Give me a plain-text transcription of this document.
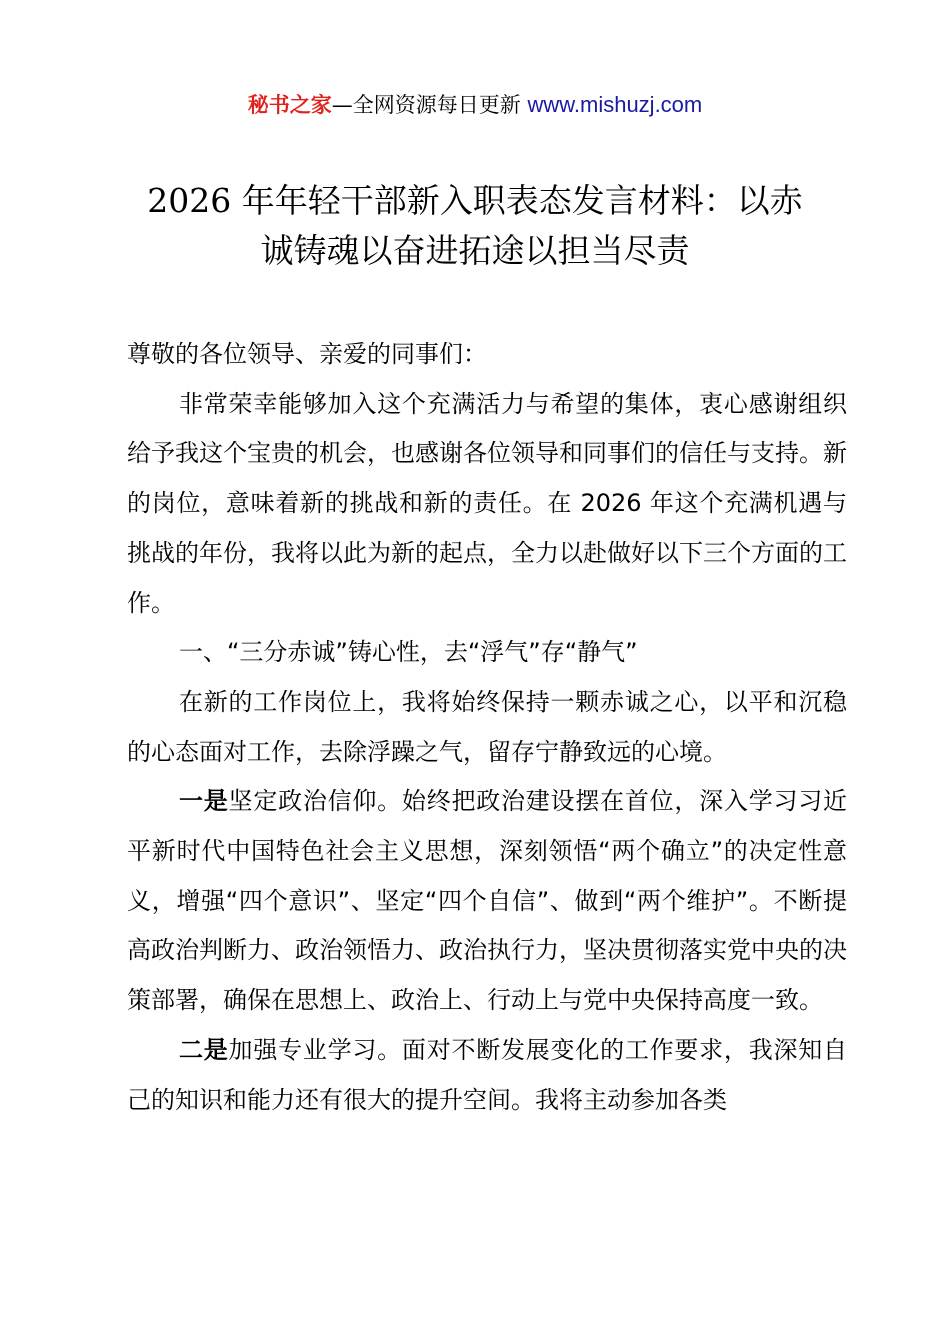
秘书之家—全网资源每日更新 www.mishuzj.com
2026 年年轻干部新入职表态发言材料：以赤
诚铸魂以奋进拓途以担当尽责

尊敬的各位领导、亲爱的同事们：

非常荣幸能够加入这个充满活力与希望的集体，衷心感谢组织给予我这个宝贵的机会，也感谢各位领导和同事们的信任与支持。新的岗位，意味着新的挑战和新的责任。在 2026 年这个充满机遇与挑战的年份，我将以此为新的起点，全力以赴做好以下三个方面的工作。

一、“三分赤诚”铸心性，去“浮气”存“静气”

在新的工作岗位上，我将始终保持一颗赤诚之心，以平和沉稳的心态面对工作，去除浮躁之气，留存宁静致远的心境。

一是坚定政治信仰。始终把政治建设摆在首位，深入学习习近平新时代中国特色社会主义思想，深刻领悟“两个确立”的决定性意义，增强“四个意识”、坚定“四个自信”、做到“两个维护”。不断提高政治判断力、政治领悟力、政治执行力，坚决贯彻落实党中央的决策部署，确保在思想上、政治上、行动上与党中央保持高度一致。

二是加强专业学习。面对不断发展变化的工作要求，我深知自己的知识和能力还有很大的提升空间。我将主动参加各类
